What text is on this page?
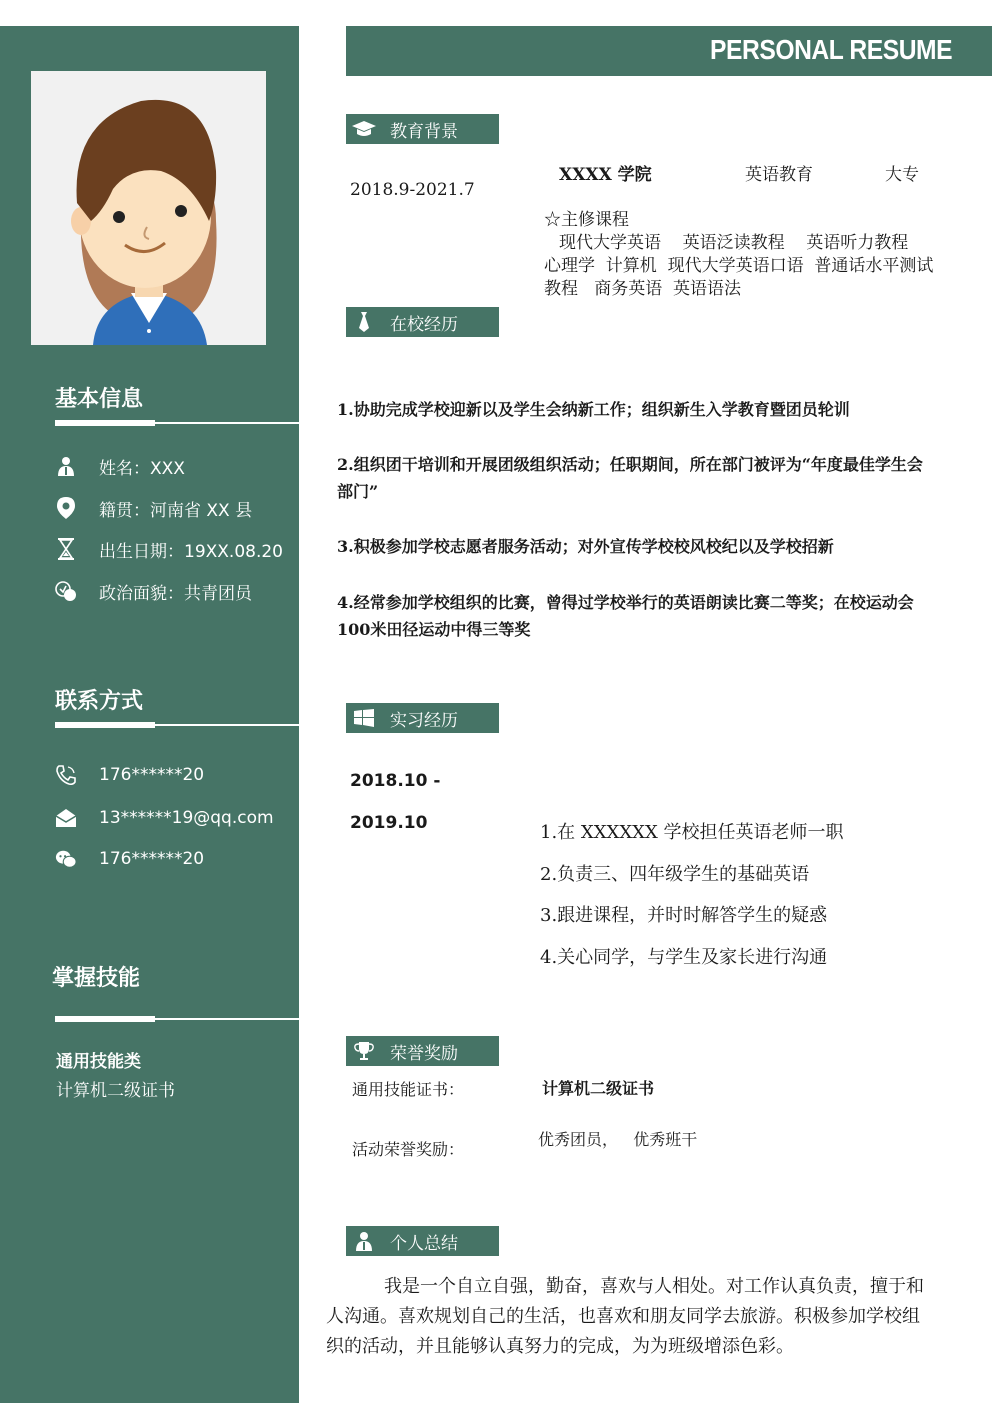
基本信息
姓名：XXX
籍贯：河南省 XX 县
出生日期：19XX.08.20
政治面貌：共青团员
联系方式
176******20
13******19@qq.com
176******20
掌握技能
通用技能类
计算机二级证书
PERSONAL RESUME
教育背景
2018.9-2021.7
XXXX 学院	英语教育	大专
☆主修课程
现代大学英语    英语泛读教程    英语听力教程
心理学  计算机  现代大学英语口语  普通话水平测试
教程   商务英语  英语语法
在校经历
1.协助完成学校迎新以及学生会纳新工作；组织新生入学教育暨团员轮训
2.组织团干培训和开展团级组织活动；任职期间，所在部门被评为“年度最佳学生会部门”
3.积极参加学校志愿者服务活动；对外宣传学校校风校纪以及学校招新
4.经常参加学校组织的比赛，曾得过学校举行的英语朗读比赛二等奖；在校运动会100米田径运动中得三等奖
实习经历
2018.10 -
2019.10	1.在 XXXXXX 学校担任英语老师一职
2.负责三、四年级学生的基础英语
3.跟进课程，并时时解答学生的疑惑
4.关心同学，与学生及家长进行沟通
荣誉奖励
通用技能证书：	计算机二级证书
活动荣誉奖励：
优秀团员，   优秀班干
个人总结
我是一个自立自强，勤奋，喜欢与人相处。对工作认真负责，擅于和人沟通。喜欢规划自己的生活，也喜欢和朋友同学去旅游。积极参加学校组织的活动，并且能够认真努力的完成，为为班级增添色彩。
